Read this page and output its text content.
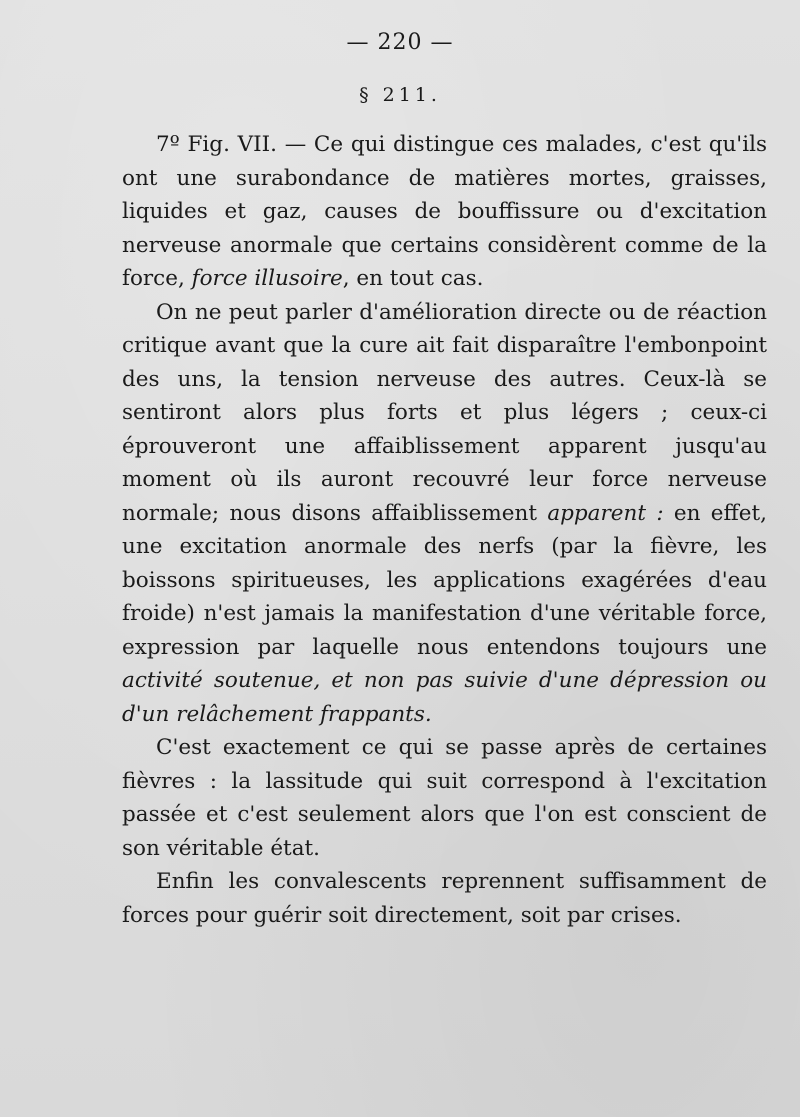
— 220 —
§ 211.

7º Fig. VII. — Ce qui distingue ces malades, c'est qu'ils ont une surabondance de matières mortes, graisses, liquides et gaz, causes de bouffissure ou d'excitation nerveuse anormale que certains considèrent comme de la force, force illusoire, en tout cas.

On ne peut parler d'amélioration directe ou de réaction critique avant que la cure ait fait disparaître l'embonpoint des uns, la tension nerveuse des autres. Ceux-là se sentiront alors plus forts et plus légers ; ceux-ci éprouveront une affaiblissement apparent jusqu'au moment où ils auront recouvré leur force nerveuse normale; nous disons affaiblissement apparent : en effet, une excitation anormale des nerfs (par la fièvre, les boissons spiritueuses, les applications exagérées d'eau froide) n'est jamais la manifestation d'une véritable force, expression par laquelle nous entendons toujours une activité soutenue, et non pas suivie d'une dépression ou d'un relâchement frappants.

C'est exactement ce qui se passe après de certaines fièvres : la lassitude qui suit correspond à l'excitation passée et c'est seulement alors que l'on est conscient de son véritable état.

Enfin les convalescents reprennent suffisamment de forces pour guérir soit directement, soit par crises.
